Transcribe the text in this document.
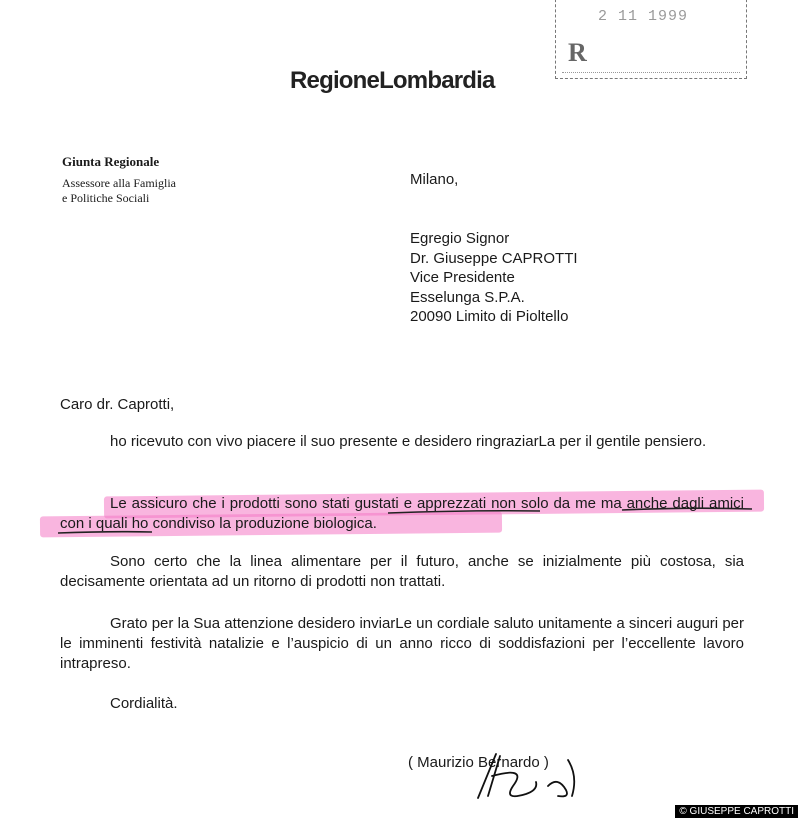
2 11 1999
R
RegioneLombardia
Giunta Regionale
Assessore alla Famiglia
e Politiche Sociali
Milano,
Egregio Signor
Dr. Giuseppe CAPROTTI
Vice Presidente
Esselunga S.P.A.
20090 Limito di Pioltello
Caro dr. Caprotti,

ho ricevuto con vivo piacere il suo presente e desidero ringraziarLa per il gentile pensiero.

Le assicuro che i prodotti sono stati gustati e apprezzati non solo da me ma anche dagli amici con i quali ho condiviso la produzione biologica.

Sono certo che la linea alimentare per il futuro, anche se inizialmente più costosa, sia decisamente orientata ad un ritorno di prodotti non trattati.

Grato per la Sua attenzione desidero inviarLe un cordiale saluto unitamente a sinceri auguri per le imminenti festività natalizie e l’auspicio di un anno ricco di soddisfazioni per l’eccellente lavoro intrapreso.

Cordialità.
( Maurizio Bernardo )
© GIUSEPPE CAPROTTI
